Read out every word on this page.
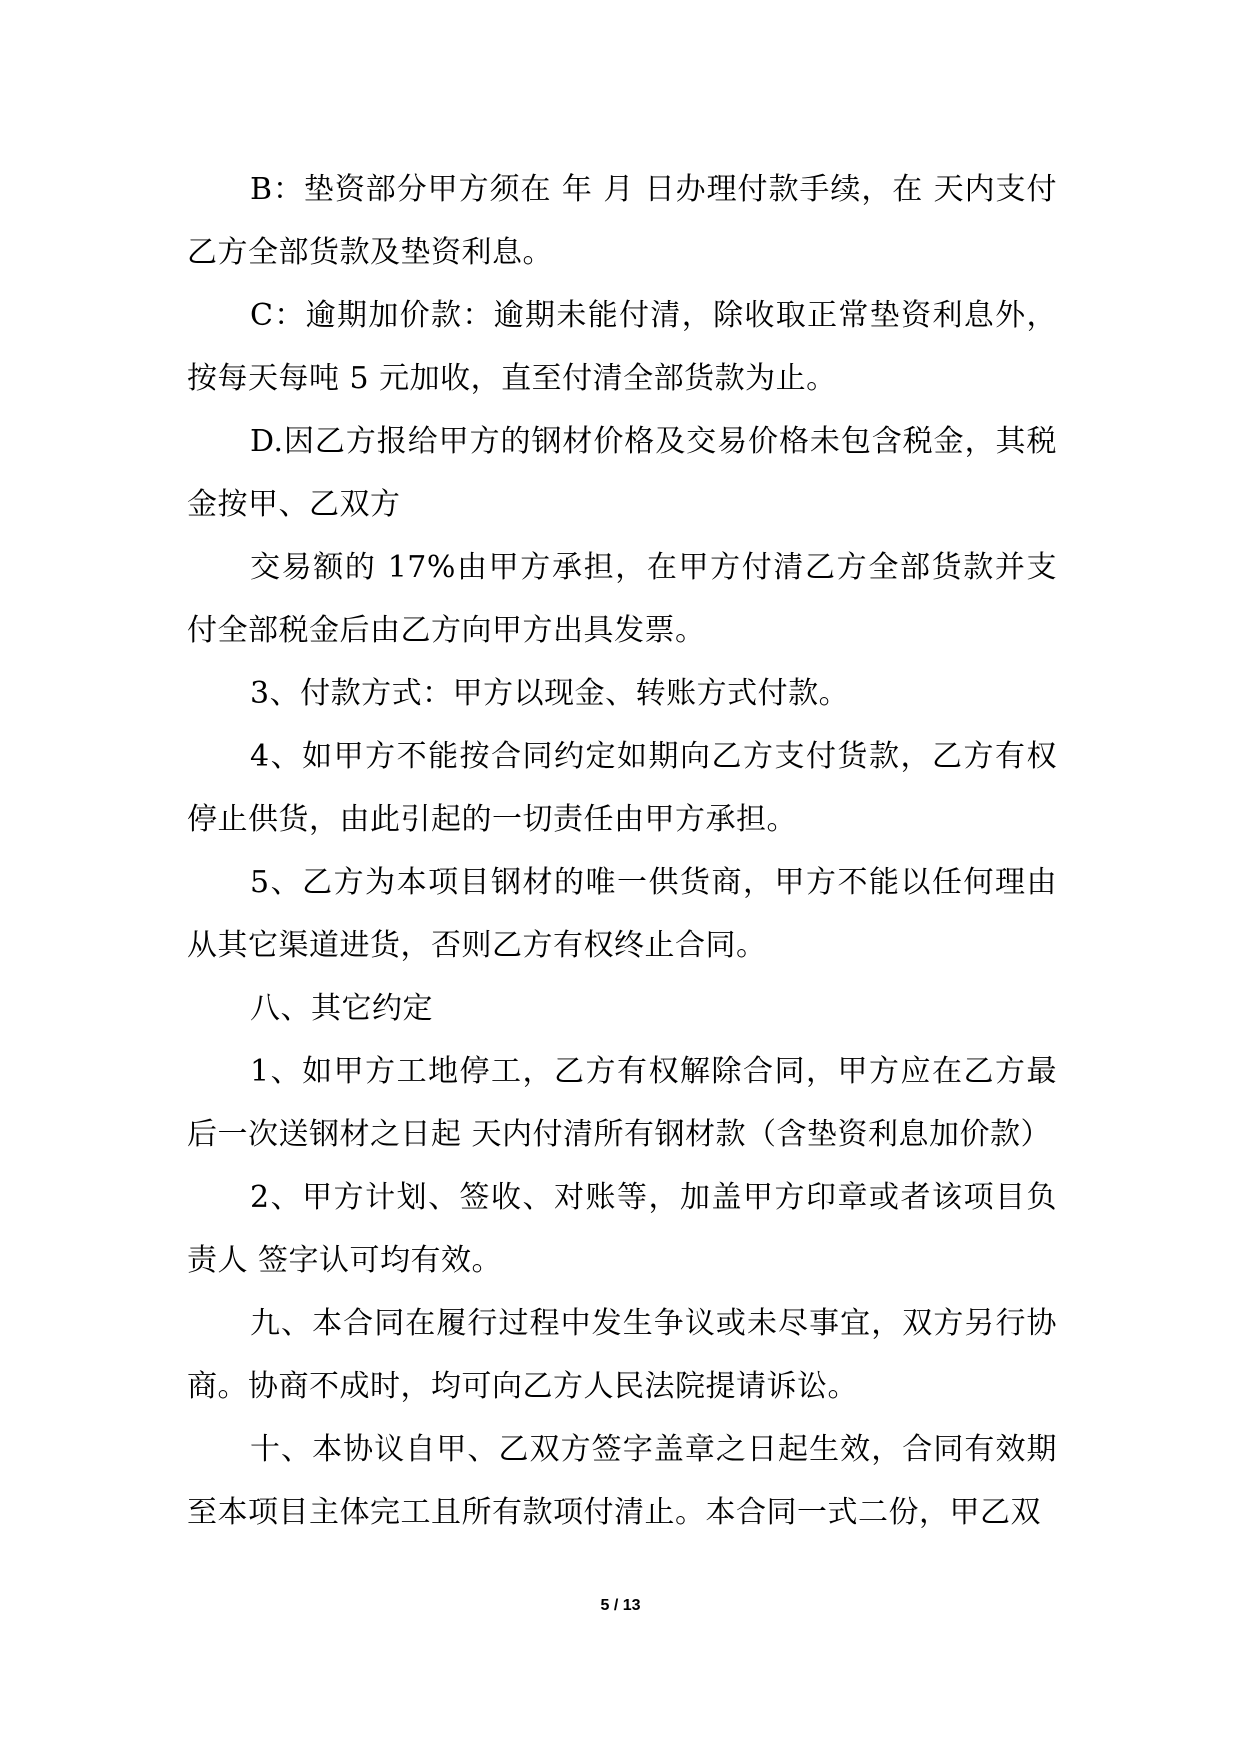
B：垫资部分甲方须在 年 月 日办理付款手续，在 天内支付乙方全部货款及垫资利息。

C：逾期加价款：逾期未能付清，除收取正常垫资利息外，按每天每吨 5 元加收，直至付清全部货款为止。

D.因乙方报给甲方的钢材价格及交易价格未包含税金，其税金按甲、乙双方

交易额的 17%由甲方承担，在甲方付清乙方全部货款并支付全部税金后由乙方向甲方出具发票。

3、付款方式：甲方以现金、转账方式付款。

4、如甲方不能按合同约定如期向乙方支付货款，乙方有权停止供货，由此引起的一切责任由甲方承担。

5、乙方为本项目钢材的唯一供货商，甲方不能以任何理由从其它渠道进货，否则乙方有权终止合同。

八、其它约定

1、如甲方工地停工，乙方有权解除合同，甲方应在乙方最后一次送钢材之日起 天内付清所有钢材款（含垫资利息加价款）

2、甲方计划、签收、对账等，加盖甲方印章或者该项目负责人 签字认可均有效。

九、本合同在履行过程中发生争议或未尽事宜，双方另行协商。协商不成时，均可向乙方人民法院提请诉讼。

十、本协议自甲、乙双方签字盖章之日起生效，合同有效期至本项目主体完工且所有款项付清止。本合同一式二份，甲乙双

5 / 13
